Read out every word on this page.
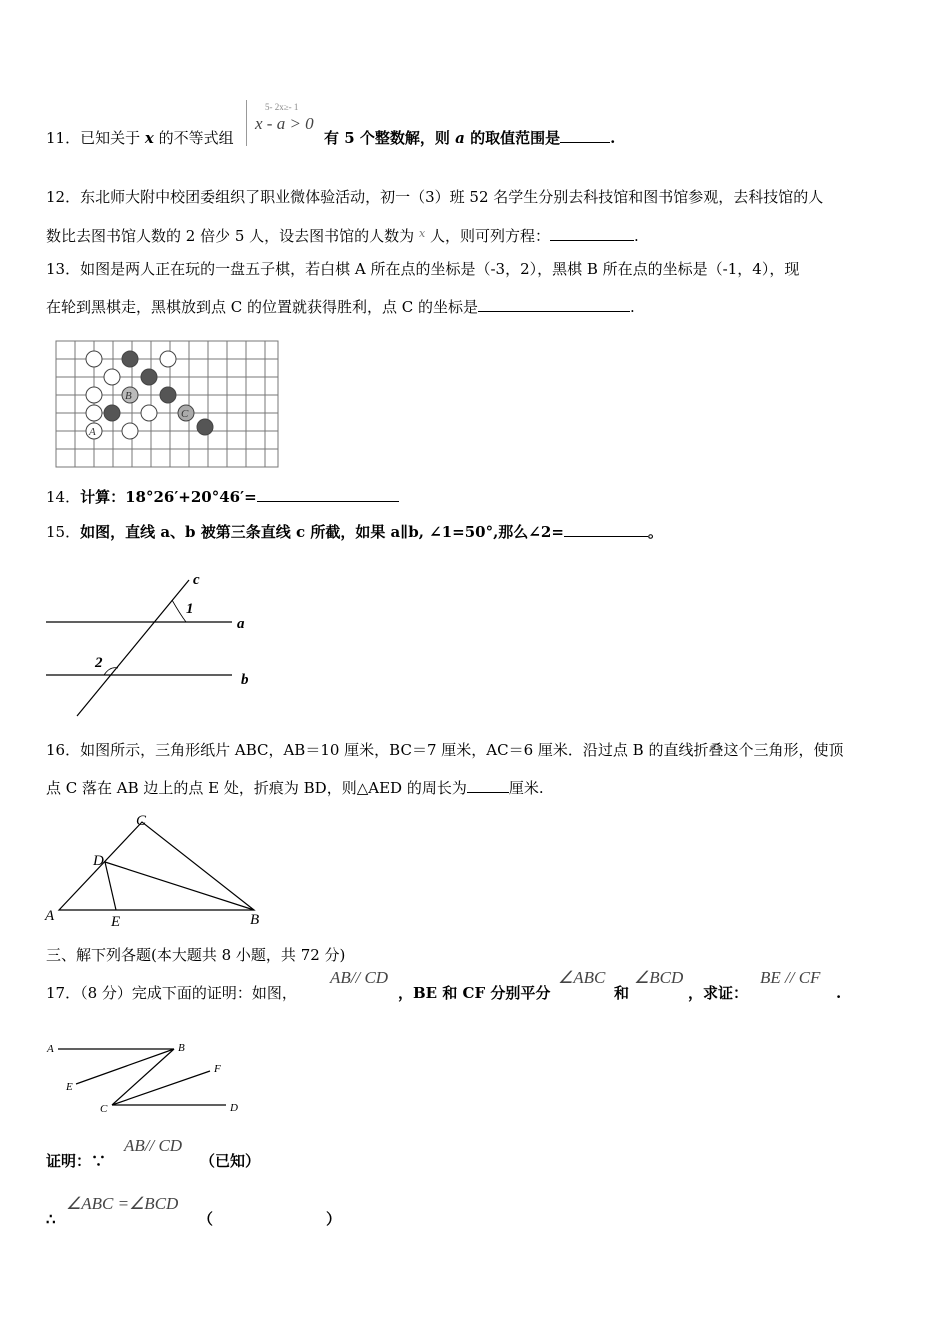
11．已知关于 x 的不等式组
5- 2x≥- 1
x - a > 0
有 5 个整数解，则 a 的取值范围是	.
12．东北师大附中校团委组织了职业微体验活动，初一（3）班 52 名学生分别去科技馆和图书馆参观，去科技馆的人
数比去图书馆人数的 2 倍少 5 人，设去图书馆的人数为 $^x$ 人，则可列方程：	.
13．如图是两人正在玩的一盘五子棋，若白棋 A 所在点的坐标是（-3，2），黑棋 B 所在点的坐标是（-1，4），现
在轮到黑棋走，黑棋放到点 C 的位置就获得胜利，点 C 的坐标是	.
B
C
A
14．计算：18°26′+20°46′=
15．如图，直线 a、b 被第三条直线 c 所截，如果 a∥b, ∠1=50°,那么∠2=	。
c
1
a
2
b
16．如图所示，三角形纸片 ABC，AB＝10 厘米，BC＝7 厘米，AC＝6 厘米．沿过点 B 的直线折叠这个三角形，使顶
点 C 落在 AB 边上的点 E 处，折痕为 BD，则△AED 的周长为	厘米.
C
D
A	E	B
三、解下列各题(本大题共 8 小题，共 72 分)
17．（8 分）完成下面的证明：如图，
AB// CD
，BE 和 CF 分别平分
∠ABC
和
∠BCD
，求证：
BE // CF
.
A	B
E
F
C	D
证明：∵
AB// CD
（已知）
∴
∠ABC =∠BCD
（	）
